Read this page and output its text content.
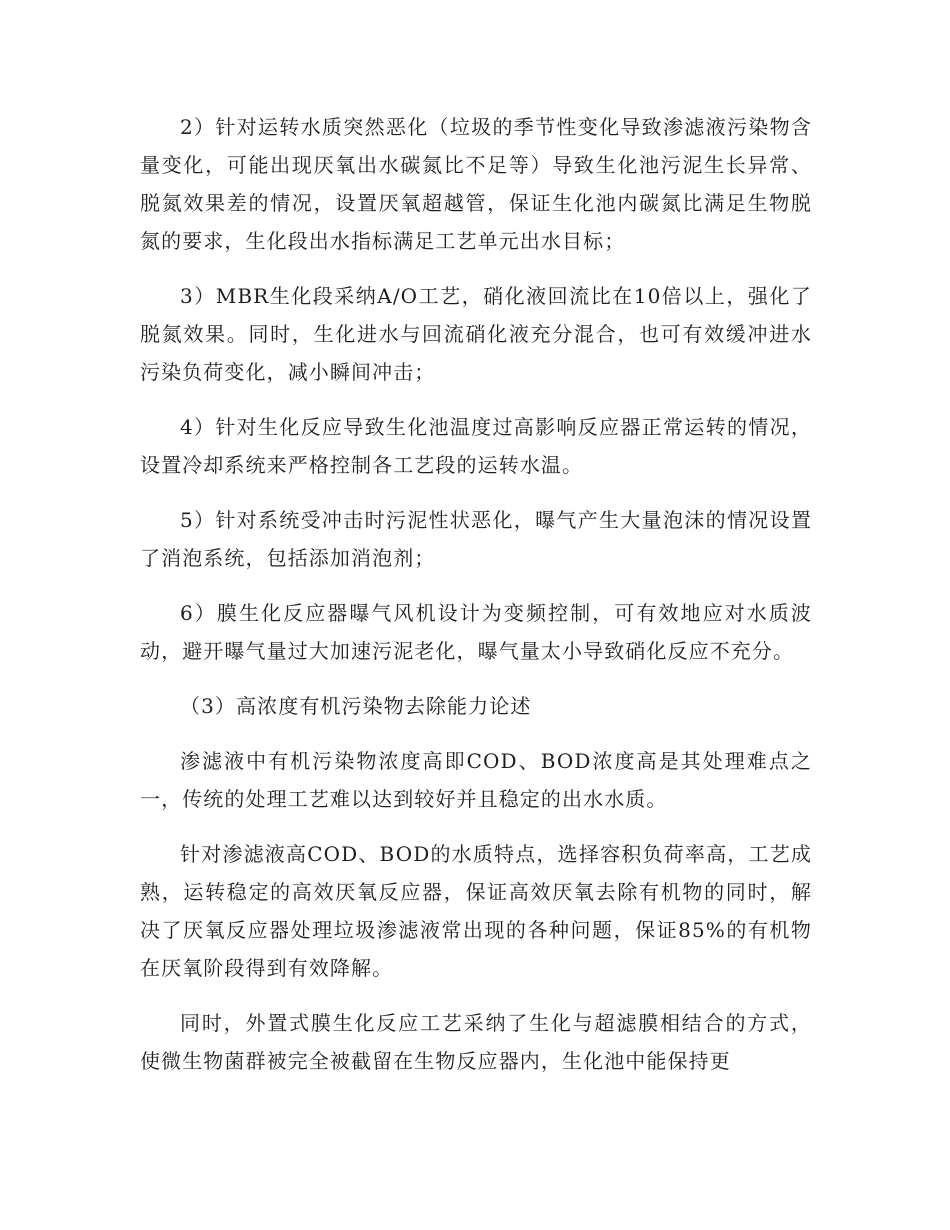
2）针对运转水质突然恶化（垃圾的季节性变化导致渗滤液污染物含量变化，可能出现厌氧出水碳氮比不足等）导致生化池污泥生长异常、脱氮效果差的情况，设置厌氧超越管，保证生化池内碳氮比满足生物脱氮的要求，生化段出水指标满足工艺单元出水目标；

3）MBR生化段采纳A/O工艺，硝化液回流比在10倍以上，强化了脱氮效果。同时，生化进水与回流硝化液充分混合，也可有效缓冲进水污染负荷变化，减小瞬间冲击；

4）针对生化反应导致生化池温度过高影响反应器正常运转的情况，设置冷却系统来严格控制各工艺段的运转水温。

5）针对系统受冲击时污泥性状恶化，曝气产生大量泡沫的情况设置了消泡系统，包括添加消泡剂；

6）膜生化反应器曝气风机设计为变频控制，可有效地应对水质波动，避开曝气量过大加速污泥老化，曝气量太小导致硝化反应不充分。

（3）高浓度有机污染物去除能力论述

渗滤液中有机污染物浓度高即COD、BOD浓度高是其处理难点之一，传统的处理工艺难以达到较好并且稳定的出水水质。

针对渗滤液高COD、BOD的水质特点，选择容积负荷率高，工艺成熟，运转稳定的高效厌氧反应器，保证高效厌氧去除有机物的同时，解决了厌氧反应器处理垃圾渗滤液常出现的各种问题，保证85%的有机物在厌氧阶段得到有效降解。

同时，外置式膜生化反应工艺采纳了生化与超滤膜相结合的方式，使微生物菌群被完全被截留在生物反应器内，生化池中能保持更
